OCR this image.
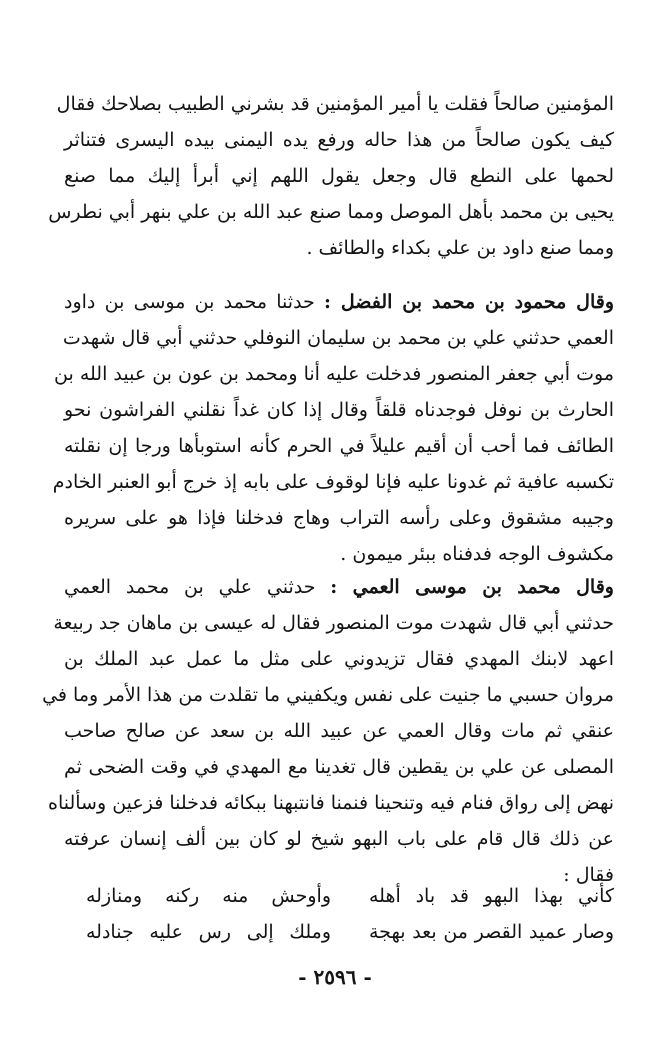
المؤمنين صالحاً فقلت يا أمير المؤمنين قد بشرني الطبيب بصلاحك فقال
كيف يكون صالحاً من هذا حاله ورفع يده اليمنى بيده اليسرى فتناثر
لحمها على النطع قال وجعل يقول اللهم إني أبرأ إليك مما صنع
يحيى بن محمد بأهل الموصل ومما صنع عبد الله بن علي بنهر أبي نطرس
ومما صنع داود بن علي بكداء والطائف .
وقال محمود بن محمد بن الفضل : حدثنا محمد بن موسى بن داود
العمي حدثني علي بن محمد بن سليمان النوفلي حدثني أبي قال شهدت
موت أبي جعفر المنصور فدخلت عليه أنا ومحمد بن عون بن عبيد الله بن
الحارث بن نوفل فوجدناه قلقاً وقال إذا كان غداً نقلني الفراشون نحو
الطائف فما أحب أن أقيم عليلاً في الحرم كأنه استوبأها ورجا إن نقلته
تكسبه عافية ثم غدونا عليه فإنا لوقوف على بابه إذ خرج أبو العنبر الخادم
وجيبه مشقوق وعلى رأسه التراب وهاج فدخلنا فإذا هو على سريره
مكشوف الوجه فدفناه ببئر ميمون .
وقال محمد بن موسى العمي : حدثني علي بن محمد العمي
حدثني أبي قال شهدت موت المنصور فقال له عيسى بن ماهان جد ربيعة
اعهد لابنك المهدي فقال تزيدوني على مثل ما عمل عبد الملك بن
مروان حسبي ما جنيت على نفس ويكفيني ما تقلدت من هذا الأمر وما في
عنقي ثم مات وقال العمي عن عبيد الله بن سعد عن صالح صاحب
المصلى عن علي بن يقطين قال تغدينا مع المهدي في وقت الضحى ثم
نهض إلى رواق فنام فيه وتنحينا فنمنا فانتبهنا ببكائه فدخلنا فزعين وسألناه
عن ذلك قال قام على باب البهو شيخ لو كان بين ألف إنسان عرفته
فقال :
كأني بهذا البهو قد باد أهله
وأوحش منه ركنه ومنازله
وصار عميد القصر من بعد بهجة
وملك إلى رس عليه جنادله
- ٢٥٩٦ -
